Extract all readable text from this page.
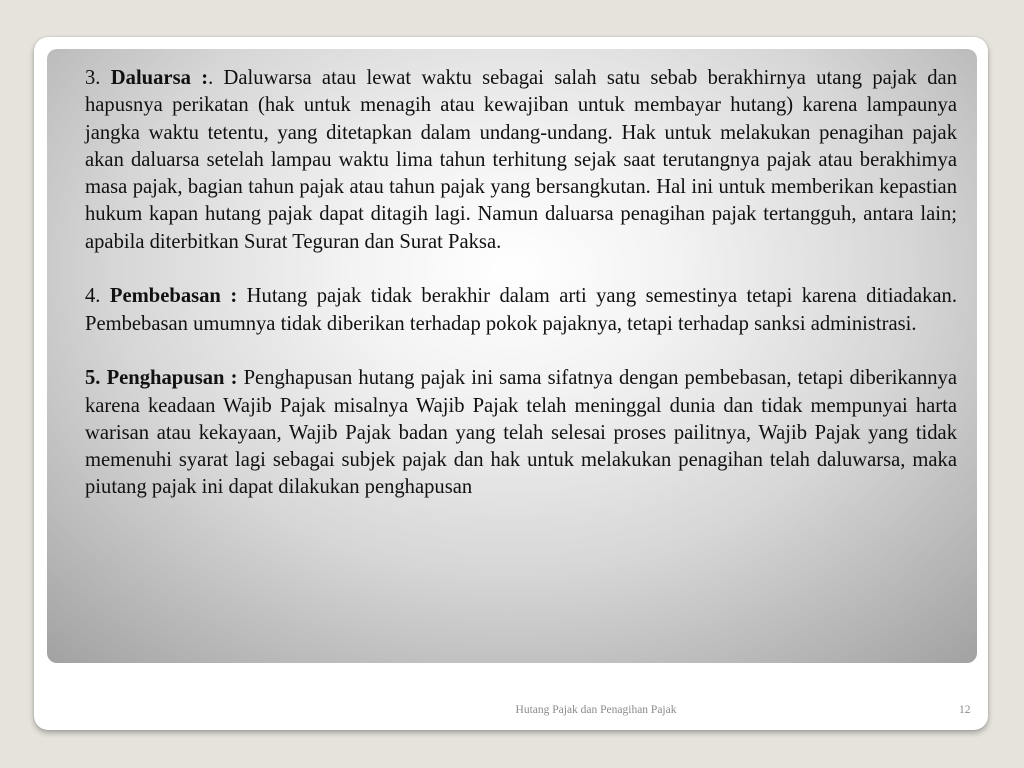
3. Daluarsa :. Daluwarsa atau lewat waktu sebagai salah satu sebab berakhirnya utang pajak dan hapusnya perikatan (hak untuk menagih atau kewajiban untuk membayar hutang) karena lampaunya jangka waktu tetentu, yang ditetapkan dalam undang-undang. Hak untuk melakukan penagihan pajak akan daluarsa setelah lampau waktu lima tahun terhitung sejak saat terutangnya pajak atau berakhimya masa pajak, bagian tahun pajak atau tahun pajak yang bersangkutan. Hal ini untuk memberikan kepastian hukum kapan hutang pajak dapat ditagih lagi. Namun daluarsa penagihan pajak tertangguh, antara lain; apabila diterbitkan Surat Teguran dan Surat Paksa.

4. Pembebasan : Hutang pajak tidak berakhir dalam arti yang semestinya tetapi karena ditiadakan. Pembebasan umumnya tidak diberikan terhadap pokok pajaknya, tetapi terhadap sanksi administrasi.

5. Penghapusan : Penghapusan hutang pajak ini sama sifatnya dengan pembebasan, tetapi diberikannya karena keadaan Wajib Pajak misalnya Wajib Pajak telah meninggal dunia dan tidak mempunyai harta warisan atau kekayaan, Wajib Pajak badan yang telah selesai proses pailitnya, Wajib Pajak yang tidak memenuhi syarat lagi sebagai subjek pajak dan hak untuk melakukan penagihan telah daluwarsa, maka piutang pajak ini dapat dilakukan penghapusan

Hutang Pajak dan Penagihan Pajak	12
